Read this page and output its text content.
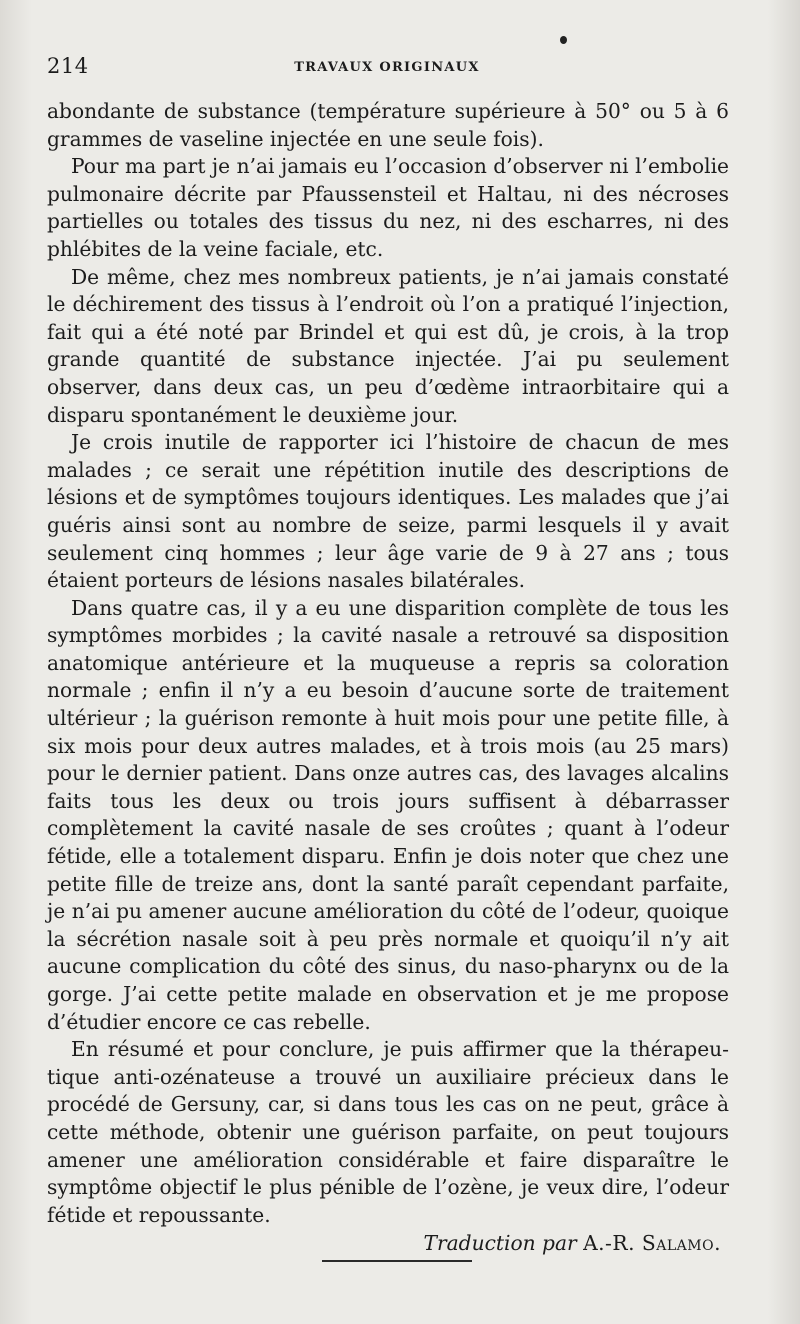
214	TRAVAUX ORIGINAUX

abondante de substance (température supérieure à 50° ou 5 à 6 grammes de vaseline injectée en une seule fois).

Pour ma part je n’ai jamais eu l’occasion d’observer ni l’embolie pulmonaire décrite par Pfaussensteil et Haltau, ni des nécroses partielles ou totales des tissus du nez, ni des escharres, ni des phlébites de la veine faciale, etc.

De même, chez mes nombreux patients, je n’ai jamais constaté le déchirement des tissus à l’endroit où l’on a pratiqué l’injection, fait qui a été noté par Brindel et qui est dû, je crois, à la trop grande quantité de substance injectée. J’ai pu seulement observer, dans deux cas, un peu d’œdème intraorbitaire qui a disparu spontanément le deuxième jour.

Je crois inutile de rapporter ici l’histoire de chacun de mes malades ; ce serait une répétition inutile des descriptions de lésions et de symptômes toujours identiques. Les malades que j’ai guéris ainsi sont au nombre de seize, parmi lesquels il y avait seulement cinq hommes ; leur âge varie de 9 à 27 ans ; tous étaient porteurs de lésions nasales bilatérales.

Dans quatre cas, il y a eu une disparition complète de tous les symptômes morbides ; la cavité nasale a retrouvé sa disposition anatomique antérieure et la muqueuse a repris sa coloration normale ; enfin il n’y a eu besoin d’aucune sorte de traitement ultérieur ; la guérison remonte à huit mois pour une petite fille, à six mois pour deux autres malades, et à trois mois (au 25 mars) pour le dernier patient. Dans onze autres cas, des lavages alcalins faits tous les deux ou trois jours suffisent à débarrasser complètement la cavité nasale de ses croûtes ; quant à l’odeur fétide, elle a totalement disparu. Enfin je dois noter que chez une petite fille de treize ans, dont la santé paraît cependant parfaite, je n’ai pu amener aucune amélioration du côté de l’odeur, quoique la sécrétion nasale soit à peu près normale et quoiqu’il n’y ait aucune complication du côté des sinus, du naso-pharynx ou de la gorge. J’ai cette petite malade en observation et je me propose d’étudier encore ce cas rebelle.

En résumé et pour conclure, je puis affirmer que la thérapeutique anti-ozénateuse a trouvé un auxiliaire précieux dans le procédé de Gersuny, car, si dans tous les cas on ne peut, grâce à cette méthode, obtenir une guérison parfaite, on peut toujours amener une amélioration considérable et faire disparaître le symptôme objectif le plus pénible de l’ozène, je veux dire, l’odeur fétide et repoussante.

Traduction par A.-R. Salamo.
